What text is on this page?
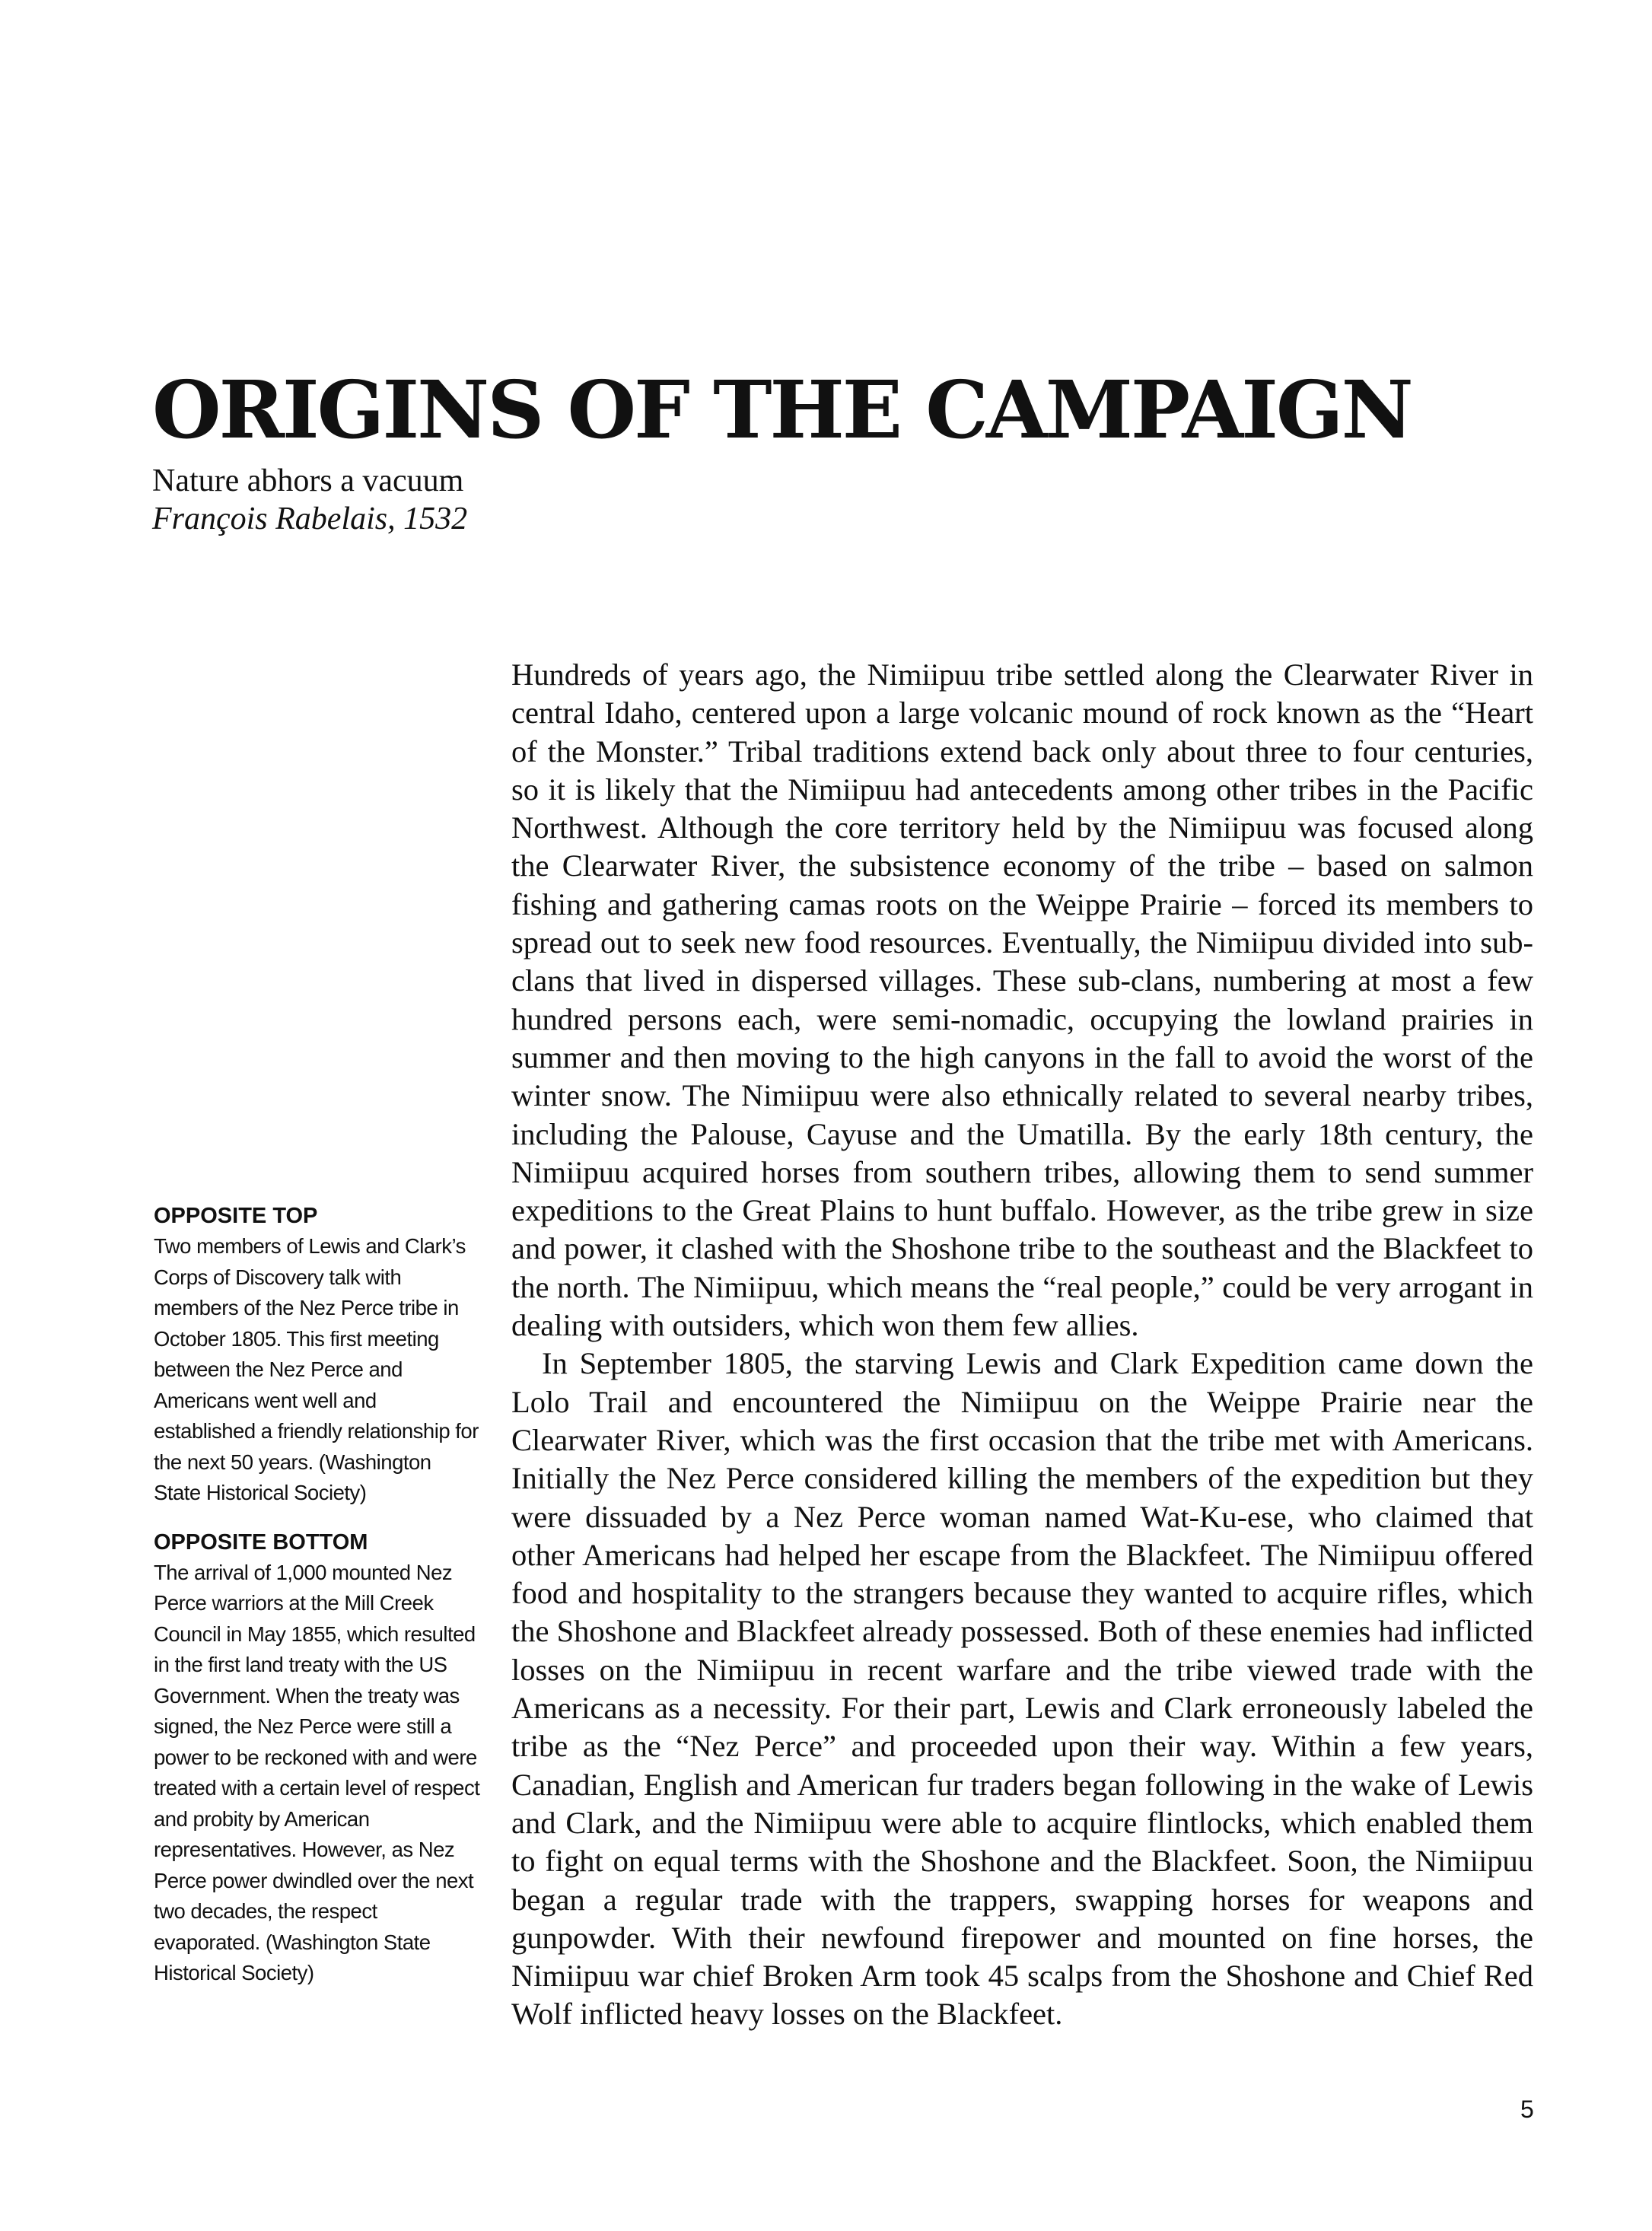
ORIGINS OF THE CAMPAIGN
Nature abhors a vacuum
François Rabelais, 1532

OPPOSITE TOP

Two members of Lewis and Clark’s Corps of Discovery talk with members of the Nez Perce tribe in October 1805. This first meeting between the Nez Perce and Americans went well and established a friendly relationship for the next 50 years. (Washington State Historical Society)

OPPOSITE BOTTOM

The arrival of 1,000 mounted Nez Perce warriors at the Mill Creek Council in May 1855, which resulted in the first land treaty with the US Government. When the treaty was signed, the Nez Perce were still a power to be reckoned with and were treated with a certain level of respect and probity by American representatives. However, as Nez Perce power dwindled over the next two decades, the respect evaporated. (Washington State Historical Society)

Hundreds of years ago, the Nimiipuu tribe settled along the Clearwater River in central Idaho, centered upon a large volcanic mound of rock known as the “Heart of the Monster.” Tribal traditions extend back only about three to four centuries, so it is likely that the Nimiipuu had antecedents among other tribes in the Pacific Northwest. Although the core territory held by the Nimiipuu was focused along the Clearwater River, the subsistence economy of the tribe – based on salmon fishing and gathering camas roots on the Weippe Prairie – forced its members to spread out to seek new food resources. Eventually, the Nimiipuu divided into sub-clans that lived in dispersed villages. These sub-clans, numbering at most a few hundred persons each, were semi-nomadic, occupying the lowland prairies in summer and then moving to the high canyons in the fall to avoid the worst of the winter snow. The Nimiipuu were also ethnically related to several nearby tribes, including the Palouse, Cayuse and the Umatilla. By the early 18th century, the Nimiipuu acquired horses from southern tribes, allowing them to send summer expeditions to the Great Plains to hunt buffalo. However, as the tribe grew in size and power, it clashed with the Shoshone tribe to the southeast and the Blackfeet to the north. The Nimiipuu, which means the “real people,” could be very arrogant in dealing with outsiders, which won them few allies.

In September 1805, the starving Lewis and Clark Expedition came down the Lolo Trail and encountered the Nimiipuu on the Weippe Prairie near the Clearwater River, which was the first occasion that the tribe met with Americans. Initially the Nez Perce considered killing the members of the expedition but they were dissuaded by a Nez Perce woman named Wat-Ku-ese, who claimed that other Americans had helped her escape from the Blackfeet. The Nimiipuu offered food and hospitality to the strangers because they wanted to acquire rifles, which the Shoshone and Blackfeet already possessed. Both of these enemies had inflicted losses on the Nimiipuu in recent warfare and the tribe viewed trade with the Americans as a necessity. For their part, Lewis and Clark erroneously labeled the tribe as the “Nez Perce” and proceeded upon their way. Within a few years, Canadian, English and American fur traders began following in the wake of Lewis and Clark, and the Nimiipuu were able to acquire flintlocks, which enabled them to fight on equal terms with the Shoshone and the Blackfeet. Soon, the Nimiipuu began a regular trade with the trappers, swapping horses for weapons and gunpowder. With their newfound firepower and mounted on fine horses, the Nimiipuu war chief Broken Arm took 45 scalps from the Shoshone and Chief Red Wolf inflicted heavy losses on the Blackfeet.

5
